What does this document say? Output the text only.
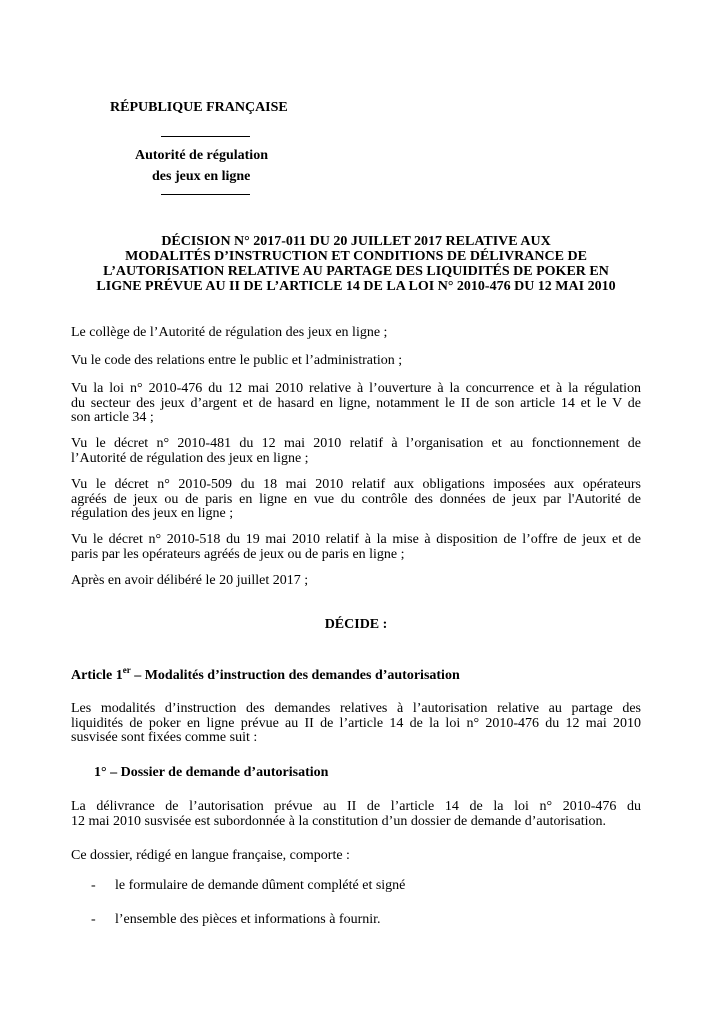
RÉPUBLIQUE FRANÇAISE
Autorité de régulation
des jeux en ligne
DÉCISION N° 2017-011 DU 20 JUILLET 2017 RELATIVE AUX
MODALITÉS D’INSTRUCTION ET CONDITIONS DE DÉLIVRANCE DE
L’AUTORISATION RELATIVE AU PARTAGE DES LIQUIDITÉS DE POKER EN
LIGNE PRÉVUE AU II DE L’ARTICLE 14 DE LA LOI N° 2010-476 DU 12 MAI 2010
Le collège de l’Autorité de régulation des jeux en ligne ;
Vu le code des relations entre le public et l’administration ;
Vu la loi n° 2010-476 du 12 mai 2010 relative à l’ouverture à la concurrence et à la régulation
du secteur des jeux d’argent et de hasard en ligne, notamment le II de son article 14 et le V de
son article 34 ;
Vu le décret n° 2010-481 du 12 mai 2010 relatif à l’organisation et au fonctionnement de
l’Autorité de régulation des jeux en ligne ;
Vu le décret n° 2010-509 du 18 mai 2010 relatif aux obligations imposées aux opérateurs
agréés de jeux ou de paris en ligne en vue du contrôle des données de jeux par l'Autorité de
régulation des jeux en ligne ;
Vu le décret n° 2010-518 du 19 mai 2010 relatif à la mise à disposition de l’offre de jeux et de
paris par les opérateurs agréés de jeux ou de paris en ligne ;
Après en avoir délibéré le 20 juillet 2017 ;
DÉCIDE :
Article 1er – Modalités d’instruction des demandes d’autorisation
Les modalités d’instruction des demandes relatives à l’autorisation relative au partage des
liquidités de poker en ligne prévue au II de l’article 14 de la loi n° 2010-476 du 12 mai 2010
susvisée sont fixées comme suit :
1° – Dossier de demande d’autorisation
La délivrance de l’autorisation prévue au II de l’article 14 de la loi n° 2010-476 du
12 mai 2010 susvisée est subordonnée à la constitution d’un dossier de demande d’autorisation.
Ce dossier, rédigé en langue française, comporte :
- le formulaire de demande dûment complété et signé
- l’ensemble des pièces et informations à fournir.
